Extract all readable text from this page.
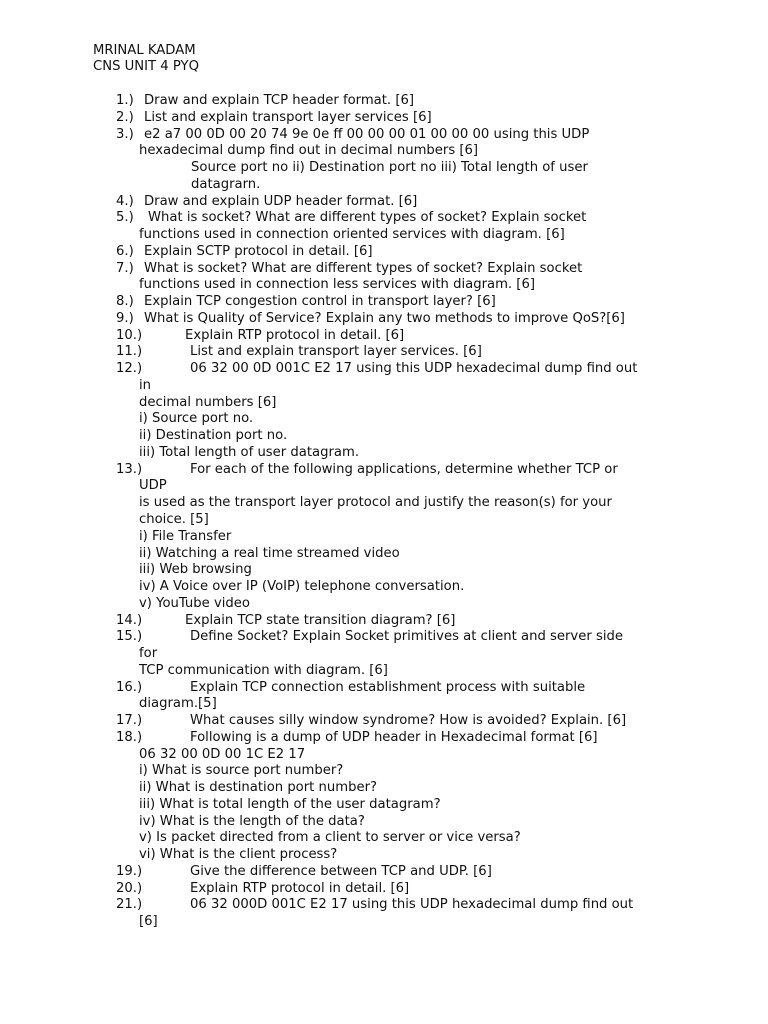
MRINAL KADAM
CNS UNIT 4 PYQ
1.) Draw and explain TCP header format. [6]
2.) List and explain transport layer services [6]
3.) e2 a7 00 0D 00 20 74 9e 0e ff 00 00 00 01 00 00 00 using this UDP
hexadecimal dump find out in decimal numbers [6]
Source port no ii) Destination port no iii) Total length of user
datagrarn.
4.) Draw and explain UDP header format. [6]
5.) What is socket? What are different types of socket? Explain socket
functions used in connection oriented services with diagram. [6]
6.) Explain SCTP protocol in detail. [6]
7.) What is socket? What are different types of socket? Explain socket
functions used in connection less services with diagram. [6]
8.) Explain TCP congestion control in transport layer? [6]
9.) What is Quality of Service? Explain any two methods to improve QoS?[6]
10.)	Explain RTP protocol in detail. [6]
11.)	List and explain transport layer services. [6]
12.)	06 32 00 0D 001C E2 17 using this UDP hexadecimal dump find out
in
decimal numbers [6]
i) Source port no.
ii) Destination port no.
iii) Total length of user datagram.
13.)	For each of the following applications, determine whether TCP or
UDP
is used as the transport layer protocol and justify the reason(s) for your
choice. [5]
i) File Transfer
ii) Watching a real time streamed video
iii) Web browsing
iv) A Voice over IP (VoIP) telephone conversation.
v) YouTube video
14.)	Explain TCP state transition diagram? [6]
15.)	Define Socket? Explain Socket primitives at client and server side
for
TCP communication with diagram. [6]
16.)	Explain TCP connection establishment process with suitable
diagram.[5]
17.)	What causes silly window syndrome? How is avoided? Explain. [6]
18.)	Following is a dump of UDP header in Hexadecimal format [6]
06 32 00 0D 00 1C E2 17
i) What is source port number?
ii) What is destination port number?
iii) What is total length of the user datagram?
iv) What is the length of the data?
v) Is packet directed from a client to server or vice versa?
vi) What is the client process?
19.)	Give the difference between TCP and UDP. [6]
20.)	Explain RTP protocol in detail. [6]
21.)	06 32 000D 001C E2 17 using this UDP hexadecimal dump find out
[6]
